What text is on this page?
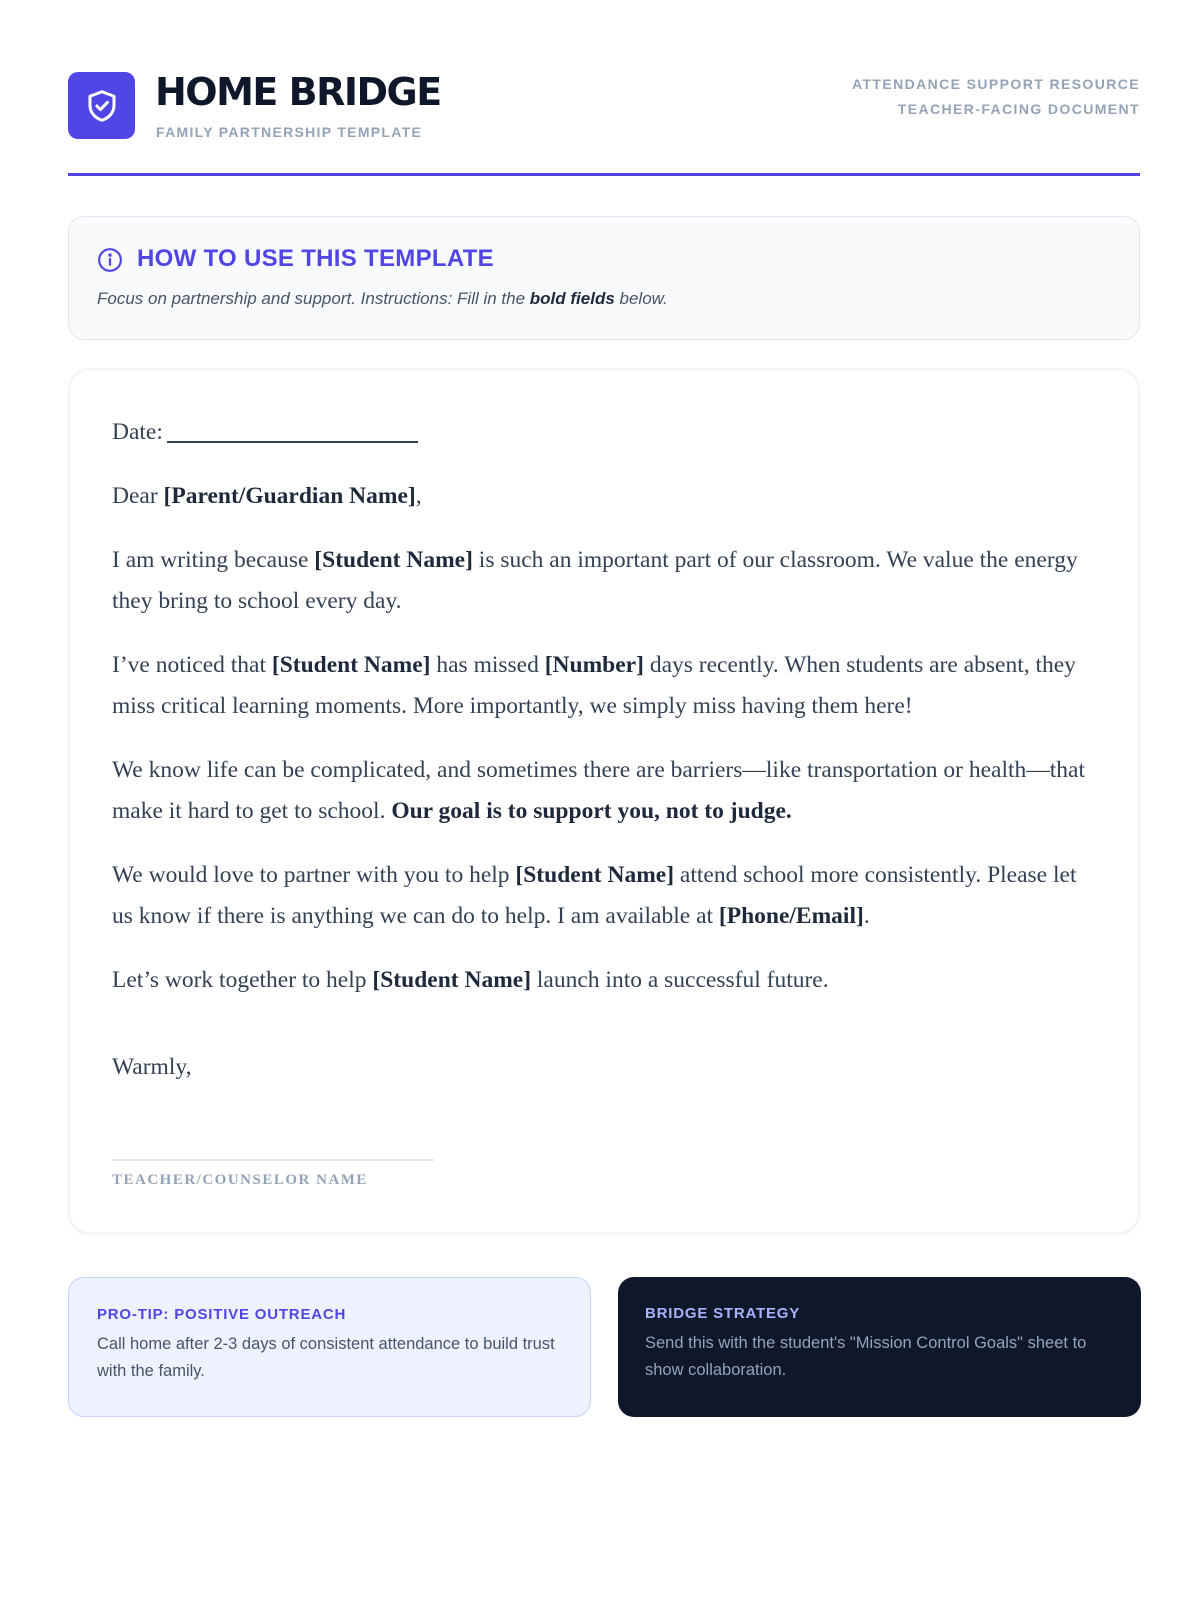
HOME BRIDGE
FAMILY PARTNERSHIP TEMPLATE
ATTENDANCE SUPPORT RESOURCE
TEACHER-FACING DOCUMENT
HOW TO USE THIS TEMPLATE
Focus on partnership and support. Instructions: Fill in the bold fields below.

Date:

Dear [Parent/Guardian Name],

I am writing because [Student Name] is such an important part of our classroom. We value the energy they bring to school every day.

I’ve noticed that [Student Name] has missed [Number] days recently. When students are absent, they miss critical learning moments. More importantly, we simply miss having them here!

We know life can be complicated, and sometimes there are barriers—like transportation or health—that make it hard to get to school. Our goal is to support you, not to judge.

We would love to partner with you to help [Student Name] attend school more consistently. Please let us know if there is anything we can do to help. I am available at [Phone/Email].

Let’s work together to help [Student Name] launch into a successful future.

Warmly,
TEACHER/COUNSELOR NAME
PRO-TIP: POSITIVE OUTREACH
Call home after 2-3 days of consistent attendance to build trust with the family.
BRIDGE STRATEGY
Send this with the student's "Mission Control Goals" sheet to show collaboration.
